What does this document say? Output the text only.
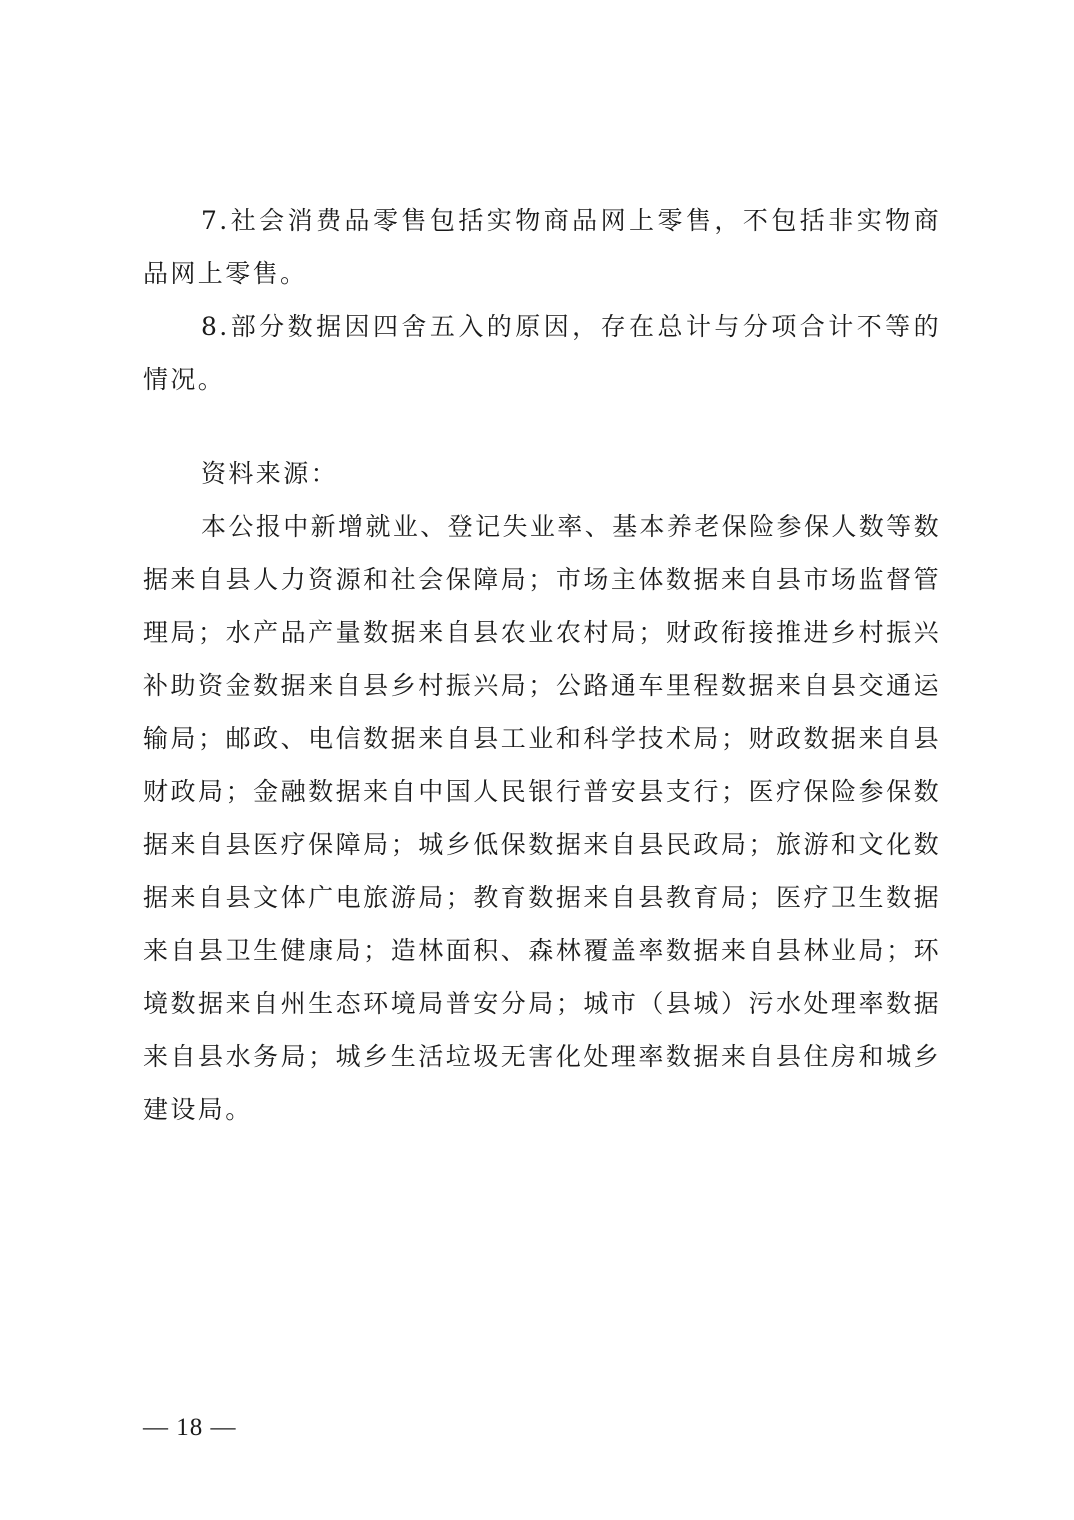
7.社会消费品零售包括实物商品网上零售，不包括非实物商品网上零售。

8.部分数据因四舍五入的原因，存在总计与分项合计不等的情况。

资料来源：

本公报中新增就业、登记失业率、基本养老保险参保人数等数据来自县人力资源和社会保障局；市场主体数据来自县市场监督管理局；水产品产量数据来自县农业农村局；财政衔接推进乡村振兴补助资金数据来自县乡村振兴局；公路通车里程数据来自县交通运输局；邮政、电信数据来自县工业和科学技术局；财政数据来自县财政局；金融数据来自中国人民银行普安县支行；医疗保险参保数据来自县医疗保障局；城乡低保数据来自县民政局；旅游和文化数据来自县文体广电旅游局；教育数据来自县教育局；医疗卫生数据来自县卫生健康局；造林面积、森林覆盖率数据来自县林业局；环境数据来自州生态环境局普安分局；城市（县城）污水处理率数据来自县水务局；城乡生活垃圾无害化处理率数据来自县住房和城乡建设局。

— 18 —
